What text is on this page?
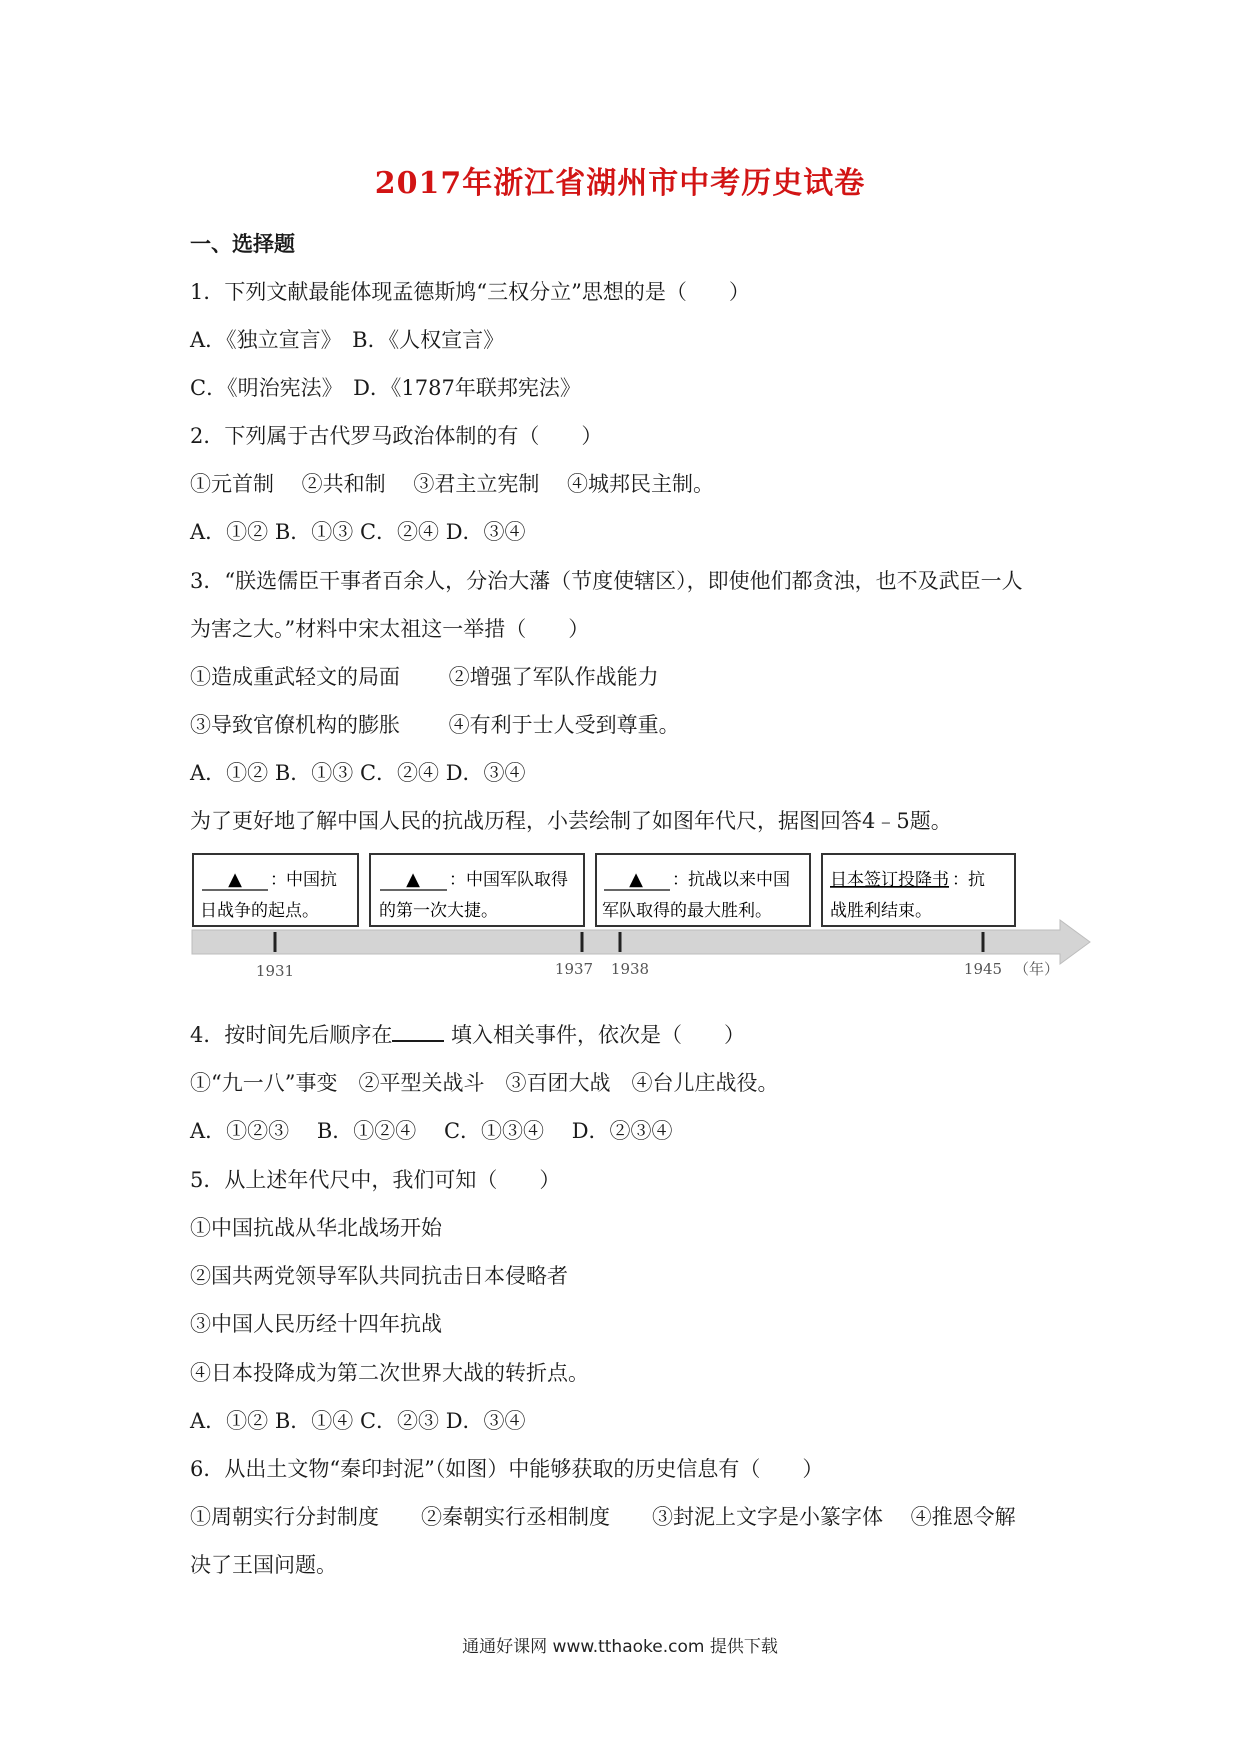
2017年浙江省湖州市中考历史试卷
一、选择题
1．下列文献最能体现孟德斯鸠“三权分立”思想的是（　　）
A．《独立宣言》　B．《人权宣言》
C．《明治宪法》　D．《1787年联邦宪法》
2．下列属于古代罗马政治体制的有（　　）
①元首制　 ②共和制　 ③君主立宪制　 ④城邦民主制。
A．①② B．①③ C．②④ D．③④
3．“朕选儒臣干事者百余人，分治大藩（节度使辖区），即使他们都贪浊，也不及武臣一人
为害之大。”材料中宋太祖这一举措（　　）
①造成重武轻文的局面　　 ②增强了军队作战能力
③导致官僚机构的膨胀　　 ④有利于士人受到尊重。
A．①② B．①③ C．②④ D．③④
为了更好地了解中国人民的抗战历程，小芸绘制了如图年代尺，据图回答4﹣5题。
▲ ： 中国抗
日战争的起点。
▲ ： 中国军队取得
的第一次大捷。
▲ ： 抗战以来中国
军队取得的最大胜利。
日本签订投降书 ： 抗
战胜利结束。
1931	1937 1938	1945 （年）
4．按时间先后顺序在 填入相关事件，依次是（　　）
①“九一八”事变　②平型关战斗　③百团大战　④台儿庄战役。
A．①②③　 B．①②④　 C．①③④　 D．②③④
5．从上述年代尺中，我们可知（　　）
①中国抗战从华北战场开始
②国共两党领导军队共同抗击日本侵略者
③中国人民历经十四年抗战
④日本投降成为第二次世界大战的转折点。
A．①② B．①④ C．②③ D．③④
6．从出土文物“秦印封泥”（如图）中能够获取的历史信息有（　　）
①周朝实行分封制度　　②秦朝实行丞相制度　　③封泥上文字是小篆字体　 ④推恩令解
决了王国问题。
通通好课网 www.tthaoke.com 提供下载
